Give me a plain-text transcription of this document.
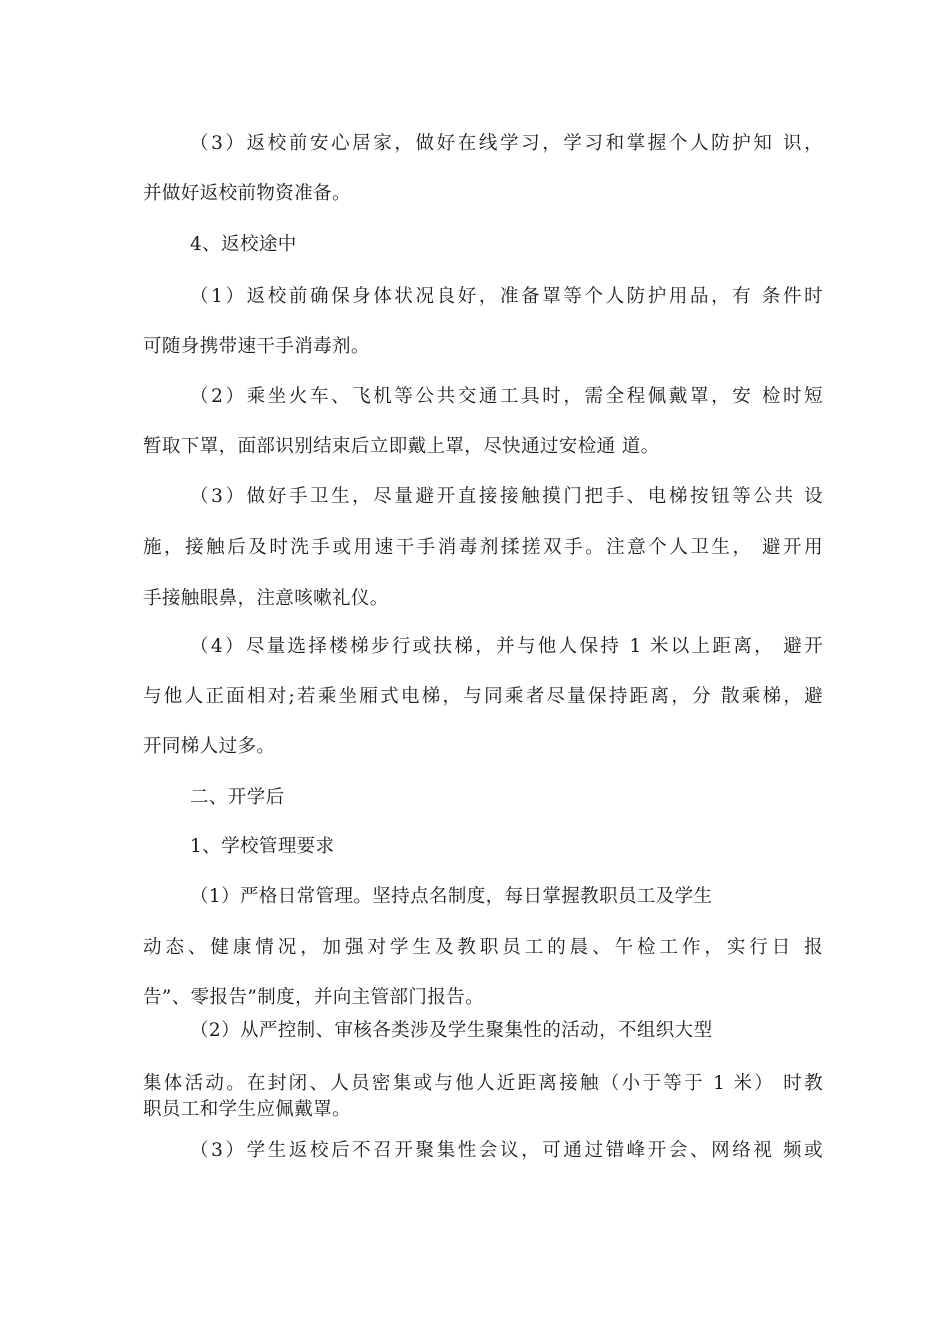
（3）返校前安心居家，做好在线学习，学习和掌握个人防护知 识，
并做好返校前物资准备。
4、返校途中
（1）返校前确保身体状况良好，准备罩等个人防护用品，有 条件时
可随身携带速干手消毒剂。
（2）乘坐火车、飞机等公共交通工具时，需全程佩戴罩，安 检时短
暂取下罩，面部识别结束后立即戴上罩，尽快通过安检通 道。
（3）做好手卫生，尽量避开直接接触摸门把手、电梯按钮等公共 设
施，接触后及时洗手或用速干手消毒剂揉搓双手。注意个人卫生， 避开用
手接触眼鼻，注意咳嗽礼仪。
（4）尽量选择楼梯步行或扶梯，并与他人保持 1 米以上距离， 避开
与他人正面相对;若乘坐厢式电梯，与同乘者尽量保持距离，分 散乘梯，避
开同梯人过多。
二、开学后
1、学校管理要求
（1）严格日常管理。坚持点名制度，每日掌握教职员工及学生
动态、健康情况，加强对学生及教职员工的晨、午检工作，实行日 报
告”、零报告”制度，并向主管部门报告。
（2）从严控制、审核各类涉及学生聚集性的活动，不组织大型
集体活动。在封闭、人员密集或与他人近距离接触（小于等于 1 米） 时教
职员工和学生应佩戴罩。
（3）学生返校后不召开聚集性会议，可通过错峰开会、网络视 频或
